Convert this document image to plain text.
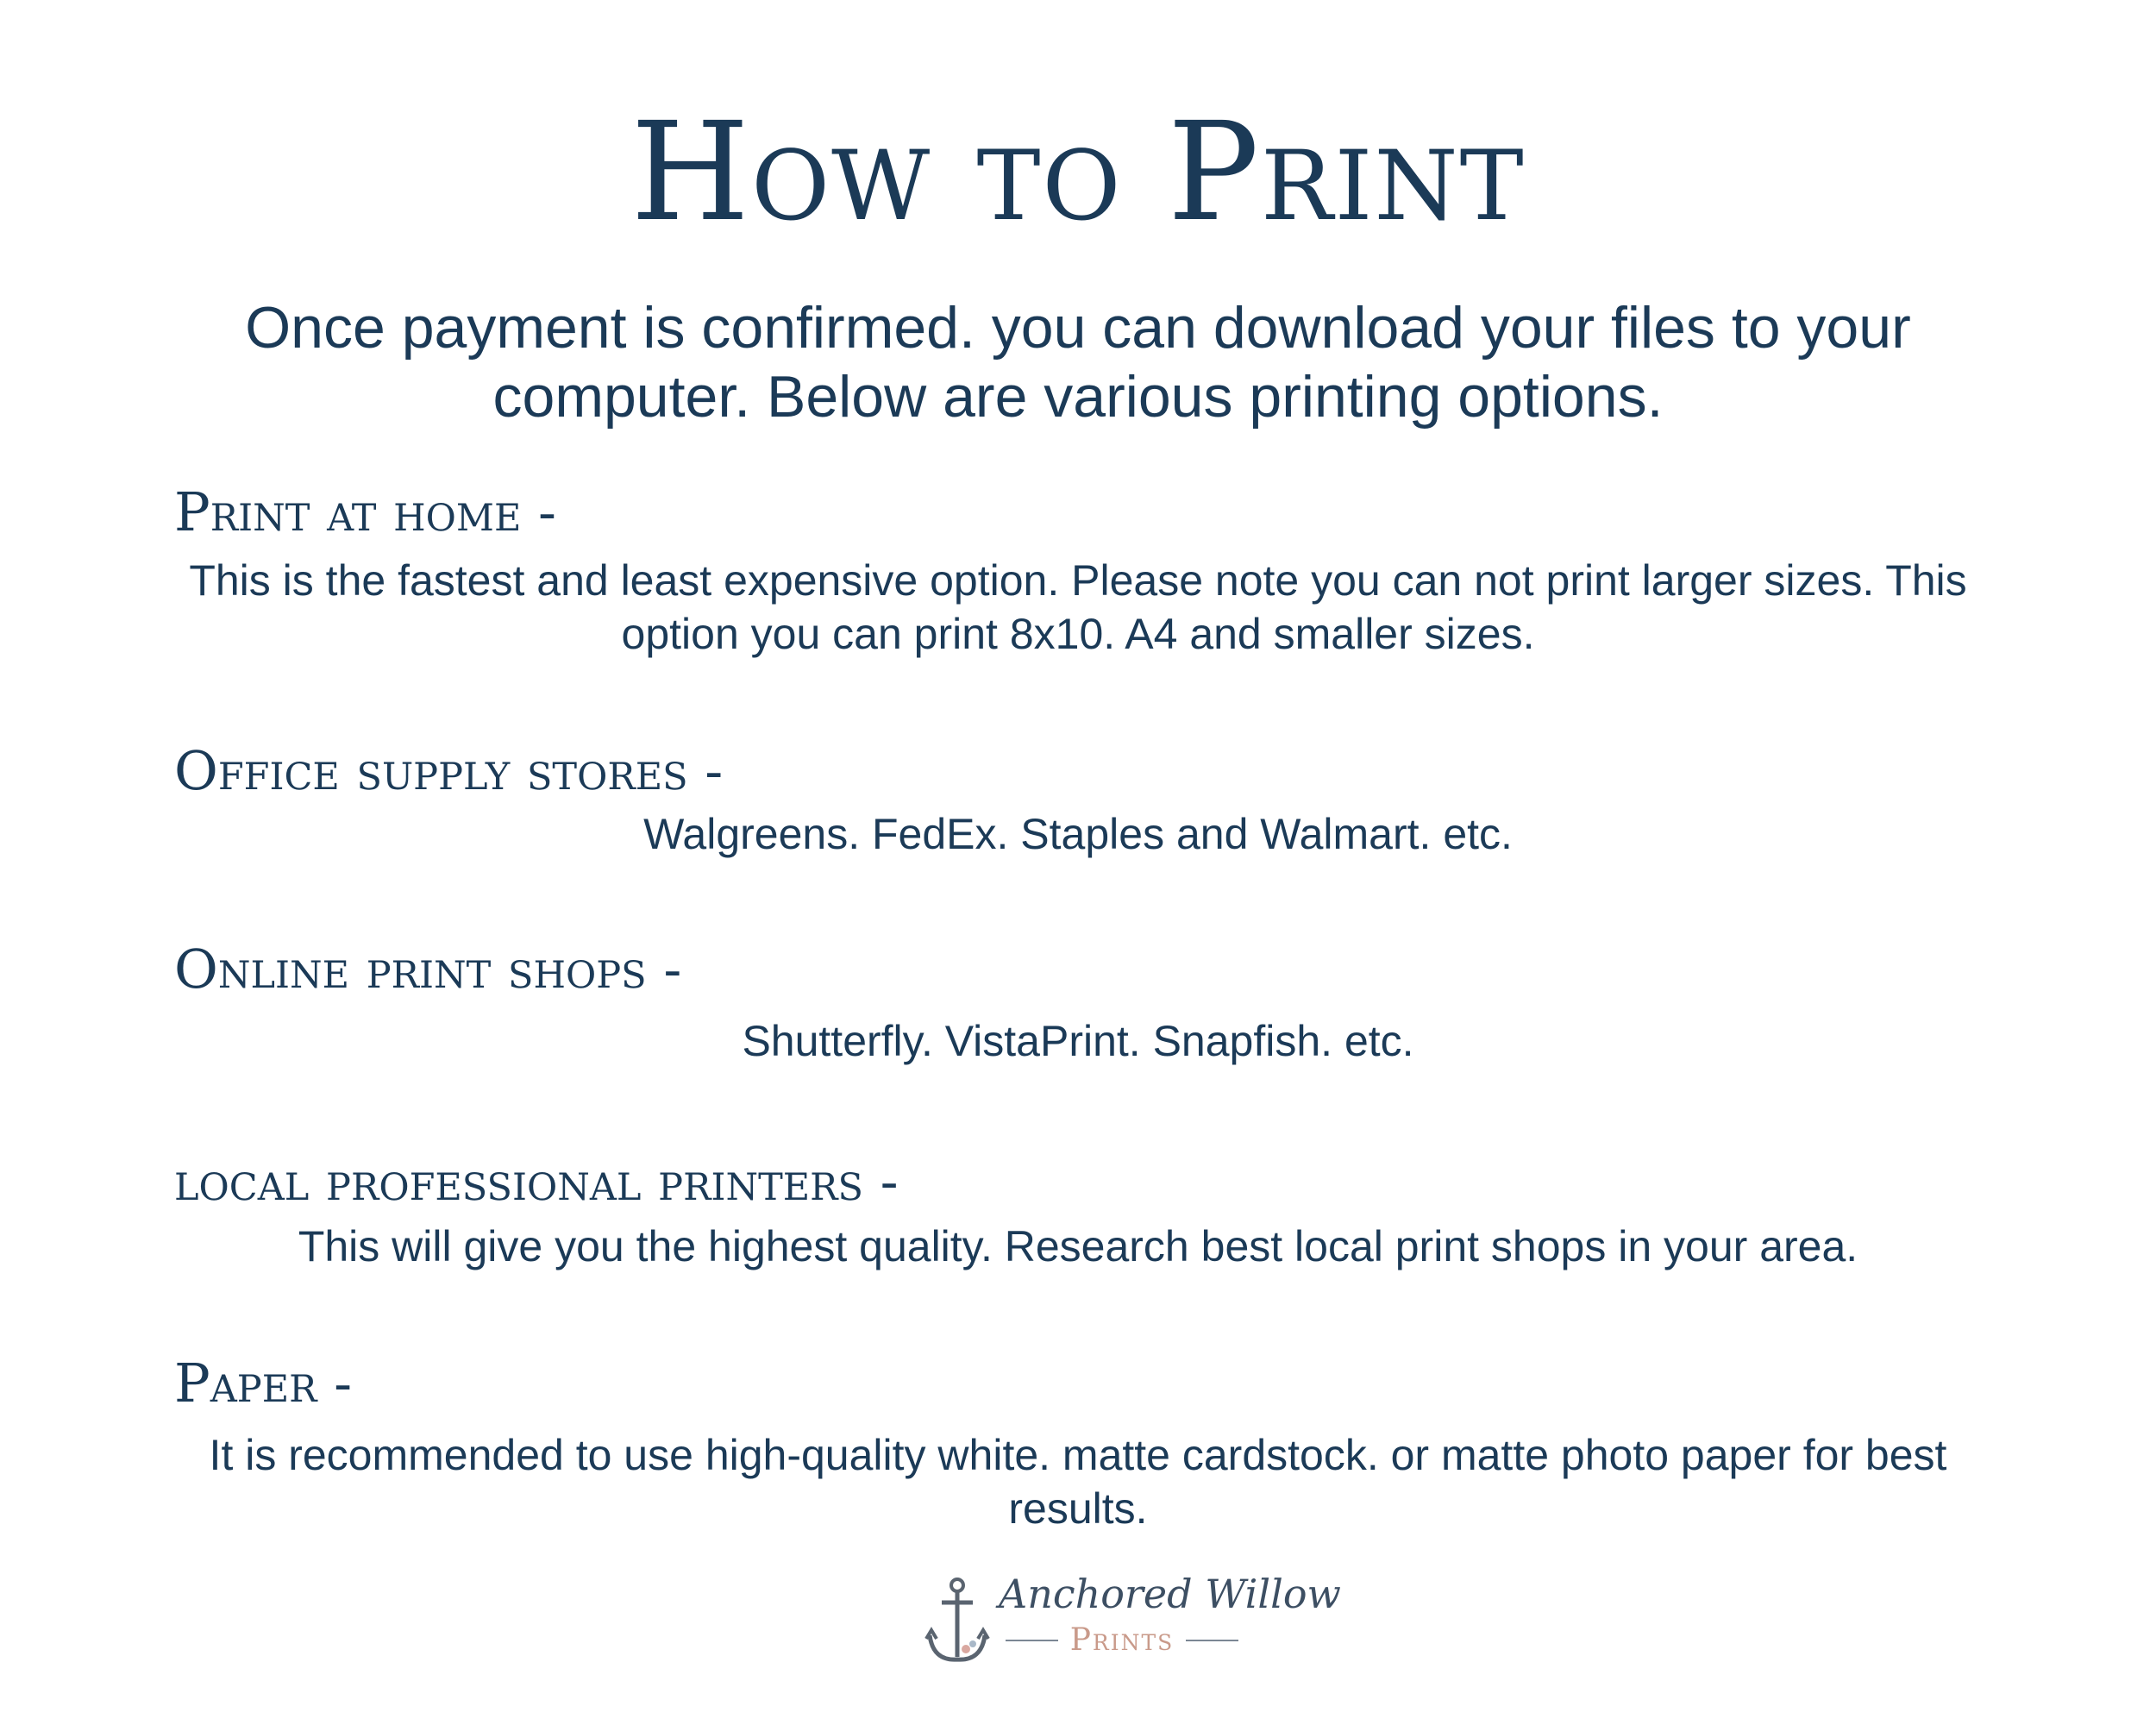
How to Print
Once payment is confirmed. you can download your files to your computer. Below are various printing options.
Print at home -
This is the fastest and least expensive option. Please note you can not print larger sizes. This option you can print 8x10. A4 and smaller sizes.
Office supply stores -
Walgreens. FedEx. Staples and Walmart. etc.
Online print shops -
Shutterfly. VistaPrint. Snapfish. etc.
local professional printers -
This will give you the highest quality. Research best local print shops in your area.
Paper -
It is recommended to use high-quality white. matte cardstock. or matte photo paper for best results.
Anchored Willow
Prints
